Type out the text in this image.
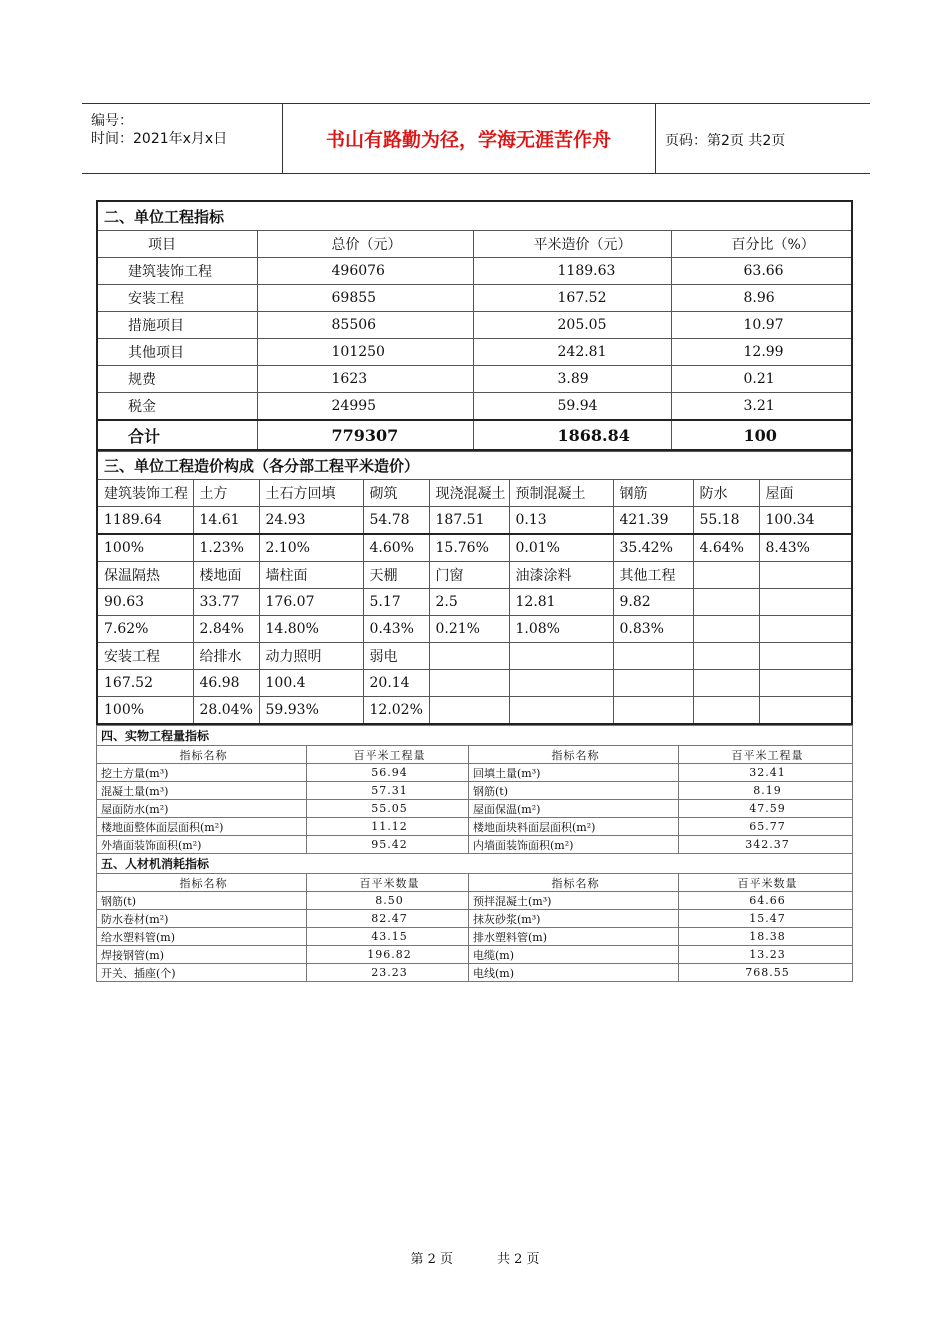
编号：
时间：2021年x月x日	书山有路勤为径，学海无涯苦作舟	页码：第2页 共2页
二、单位工程指标			
项目	总价（元）	平米造价（元）	百分比（%）
建筑装饰工程	496076	1189.63	63.66
安装工程	69855	167.52	8.96
措施项目	85506	205.05	10.97
其他项目	101250	242.81	12.99
规费	1623	3.89	0.21
税金	24995	59.94	3.21
合计	779307	1868.84	100
三、单位工程造价构成（各分部工程平米造价）								
建筑装饰工程	土方	土石方回填	砌筑	现浇混凝土	预制混凝土	钢筋	防水	屋面
1189.64	14.61	24.93	54.78	187.51	0.13	421.39	55.18	100.34
100%	1.23%	2.10%	4.60%	15.76%	0.01%	35.42%	4.64%	8.43%
保温隔热	楼地面	墙柱面	天棚	门窗	油漆涂料	其他工程		
90.63	33.77	176.07	5.17	2.5	12.81	9.82		
7.62%	2.84%	14.80%	0.43%	0.21%	1.08%	0.83%		
安装工程	给排水	动力照明	弱电					
167.52	46.98	100.4	20.14					
100%	28.04%	59.93%	12.02%					
四、实物工程量指标			
指标名称	百平米工程量	指标名称	百平米工程量
挖土方量(m³)	56.94	回填土量(m³)	32.41
混凝土量(m³)	57.31	钢筋(t)	8.19
屋面防水(m²)	55.05	屋面保温(m²)	47.59
楼地面整体面层面积(m²)	11.12	楼地面块料面层面积(m²)	65.77
外墙面装饰面积(m²)	95.42	内墙面装饰面积(m²)	342.37
五、人材机消耗指标			
指标名称	百平米数量	指标名称	百平米数量
钢筋(t)	8.50	预拌混凝土(m³)	64.66
防水卷材(m²)	82.47	抹灰砂浆(m³)	15.47
给水塑料管(m)	43.15	排水塑料管(m)	18.38
焊接钢管(m)	196.82	电缆(m)	13.23
开关、插座(个)	23.23	电线(m)	768.55
第 2 页	共 2 页
